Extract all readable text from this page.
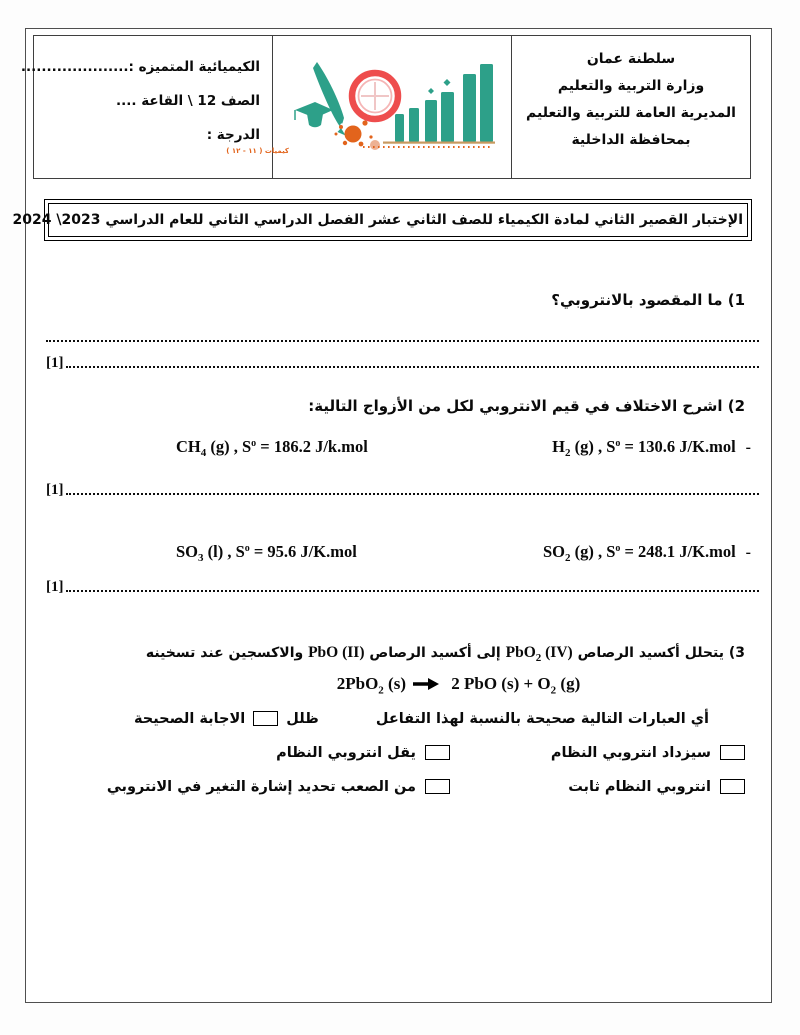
سلطنة عمان
وزارة التربية والتعليم
المديرية العامة للتربية والتعليم
بمحافظة الداخلية
كيميات ( ١١ - ١٢ )
الكيميائية المتميزه :.....................
الصف 12 \ القاعة ....
الدرجة :
الإختبار القصير الثاني لمادة الكيمياء للصف الثاني عشر الفصل الدراسي الثاني للعام الدراسي 2023\ 2024
1) ما المقصود بالانتروبي؟
[1]
2) اشرح الاختلاف في قيم الانتروبي لكل من الأزواج التالية:
-
$H_2$ (g) , $S^o = 130.6$ J/K.mol
$CH_4$ (g) , $S^o = 186.2$ J/k.mol
[1]
-
$SO_2$ (g) , $S^o = 248.1$ J/K.mol
$SO_3$ (l) , $S^o = 95.6$ J/K.mol
[1]
3) يتحلل أكسيد الرصاص PbO$_2$ (IV) إلى أكسيد الرصاص PbO (II) والاكسجين عند تسخينه
2PbO$_2$ (s) → 2 PbO $(s) + O_2$ (g)
أي العبارات التالية صحيحة بالنسبة لهذا التفاعل
ظلل
الاجابة الصحيحة
سيزداد انتروبي النظام
يقل انتروبي النظام
انتروبي النظام ثابت
من الصعب تحديد إشارة التغير في الانتروبي
